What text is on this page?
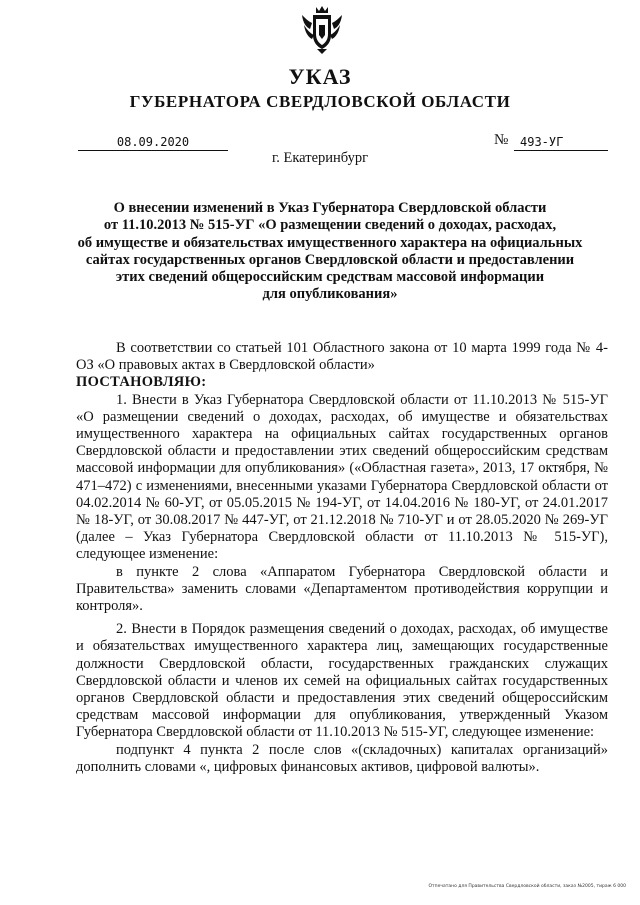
УКАЗ
ГУБЕРНАТОРА СВЕРДЛОВСКОЙ ОБЛАСТИ
08.09.2020	№ 493-УГ
г. Екатеринбург
О внесении изменений в Указ Губернатора Свердловской области
от 11.10.2013 № 515-УГ «О размещении сведений о доходах, расходах,
об имуществе и обязательствах имущественного характера на официальных
сайтах государственных органов Свердловской области и предоставлении
этих сведений общероссийским средствам массовой информации
для опубликования»

В соответствии со статьей 101 Областного закона от 10 марта 1999 года № 4-ОЗ «О правовых актах в Свердловской области»

ПОСТАНОВЛЯЮ:

1. Внести в Указ Губернатора Свердловской области от 11.10.2013 № 515-УГ «О размещении сведений о доходах, расходах, об имуществе и обязательствах имущественного характера на официальных сайтах государственных органов Свердловской области и предоставлении этих сведений общероссийским средствам массовой информации для опубликования» («Областная газета», 2013, 17 октября, № 471–472) с изменениями, внесенными указами Губернатора Свердловской области от 04.02.2014 № 60-УГ, от 05.05.2015 № 194-УГ, от 14.04.2016 № 180-УГ, от 24.01.2017 № 18-УГ, от 30.08.2017 № 447-УГ, от 21.12.2018 № 710-УГ и от 28.05.2020 № 269-УГ (далее – Указ Губернатора Свердловской области от 11.10.2013 № 515-УГ), следующее изменение:

в пункте 2 слова «Аппаратом Губернатора Свердловской области и Правительства» заменить словами «Департаментом противодействия коррупции и контроля».

2. Внести в Порядок размещения сведений о доходах, расходах, об имуществе и обязательствах имущественного характера лиц, замещающих государственные должности Свердловской области, государственных гражданских служащих Свердловской области и членов их семей на официальных сайтах государственных органов Свердловской области и предоставления этих сведений общероссийским средствам массовой информации для опубликования, утвержденный Указом Губернатора Свердловской области от 11.10.2013 № 515-УГ, следующее изменение:

подпункт 4 пункта 2 после слов «(складочных) капиталах организаций» дополнить словами «, цифровых финансовых активов, цифровой валюты».

Отпечатано для Правительства Свердловской области, заказ №2005, тираж 6 000
